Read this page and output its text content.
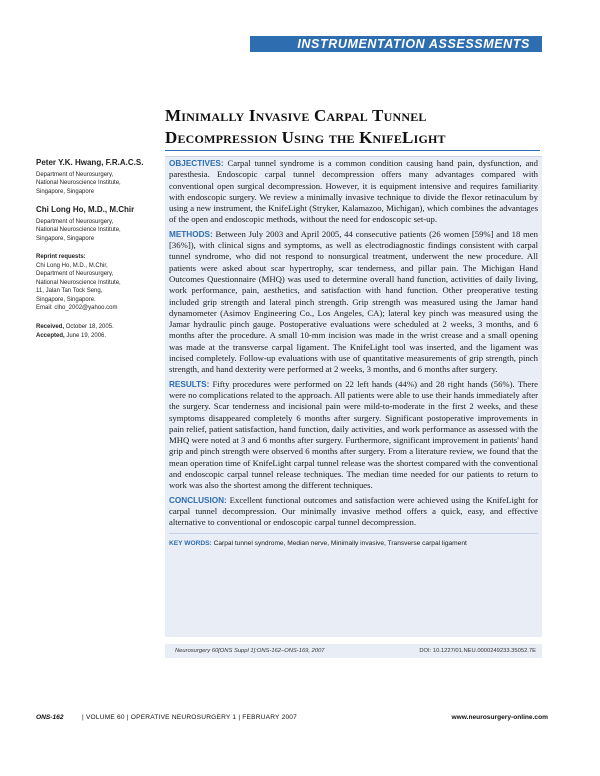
INSTRUMENTATION ASSESSMENTS
Minimally Invasive Carpal Tunnel
Decompression Using the KnifeLight
Peter Y.K. Hwang, F.R.A.C.S.
Department of Neurosurgery,
National Neuroscience Institute,
Singapore, Singapore
Chi Long Ho, M.D., M.Chir
Department of Neurosurgery,
National Neuroscience Institute,
Singapore, Singapore
Reprint requests:
Chi Long Ho, M.D., M.Chir,
Department of Neurosurgery,
National Neuroscience Institute,
11, Jalan Tan Tock Seng,
Singapore, Singapore.
Email: clho_2002@yahoo.com
Received, October 18, 2005.
Accepted, June 19, 2006.

OBJECTIVES: Carpal tunnel syndrome is a common condition causing hand pain, dysfunction, and paresthesia. Endoscopic carpal tunnel decompression offers many advantages compared with conventional open surgical decompression. However, it is equipment intensive and requires familiarity with endoscopic surgery. We review a minimally invasive technique to divide the flexor retinaculum by using a new instrument, the KnifeLight (Stryker, Kalamazoo, Michigan), which combines the advantages of the open and endoscopic methods, without the need for endoscopic set-up.

METHODS: Between July 2003 and April 2005, 44 consecutive patients (26 women [59%] and 18 men [36%]), with clinical signs and symptoms, as well as electrodiagnostic findings consistent with carpal tunnel syndrome, who did not respond to nonsurgical treatment, underwent the new procedure. All patients were asked about scar hypertrophy, scar tenderness, and pillar pain. The Michigan Hand Outcomes Questionnaire (MHQ) was used to determine overall hand function, activities of daily living, work performance, pain, aesthetics, and satisfaction with hand function. Other preoperative testing included grip strength and lateral pinch strength. Grip strength was measured using the Jamar hand dynamometer (Asimov Engineering Co., Los Angeles, CA); lateral key pinch was measured using the Jamar hydraulic pinch gauge. Postoperative evaluations were scheduled at 2 weeks, 3 months, and 6 months after the procedure. A small 10-mm incision was made in the wrist crease and a small opening was made at the transverse carpal ligament. The KnifeLight tool was inserted, and the ligament was incised completely. Follow-up evaluations with use of quantitative measurements of grip strength, pinch strength, and hand dexterity were performed at 2 weeks, 3 months, and 6 months after surgery.

RESULTS: Fifty procedures were performed on 22 left hands (44%) and 28 right hands (56%). There were no complications related to the approach. All patients were able to use their hands immediately after the surgery. Scar tenderness and incisional pain were mild-to-moderate in the first 2 weeks, and these symptoms disappeared completely 6 months after surgery. Significant postoperative improvements in pain relief, patient satisfaction, hand function, daily activities, and work performance as assessed with the MHQ were noted at 3 and 6 months after surgery. Furthermore, significant improvement in patients' hand grip and pinch strength were observed 6 months after surgery. From a literature review, we found that the mean operation time of KnifeLight carpal tunnel release was the shortest compared with the conventional and endoscopic carpal tunnel release techniques. The median time needed for our patients to return to work was also the shortest among the different techniques.

CONCLUSION: Excellent functional outcomes and satisfaction were achieved using the KnifeLight for carpal tunnel decompression. Our minimally invasive method offers a quick, easy, and effective alternative to conventional or endoscopic carpal tunnel decompression.

KEY WORDS: Carpal tunnel syndrome, Median nerve, Minimally invasive, Transverse carpal ligament
Neurosurgery 60[ONS Suppl 1]:ONS-162–ONS-169, 2007	DOI: 10.1227/01.NEU.0000249233.35052.7E
ONS-162	| VOLUME 60 | OPERATIVE NEUROSURGERY 1 | FEBRUARY 2007	www.neurosurgery-online.com
